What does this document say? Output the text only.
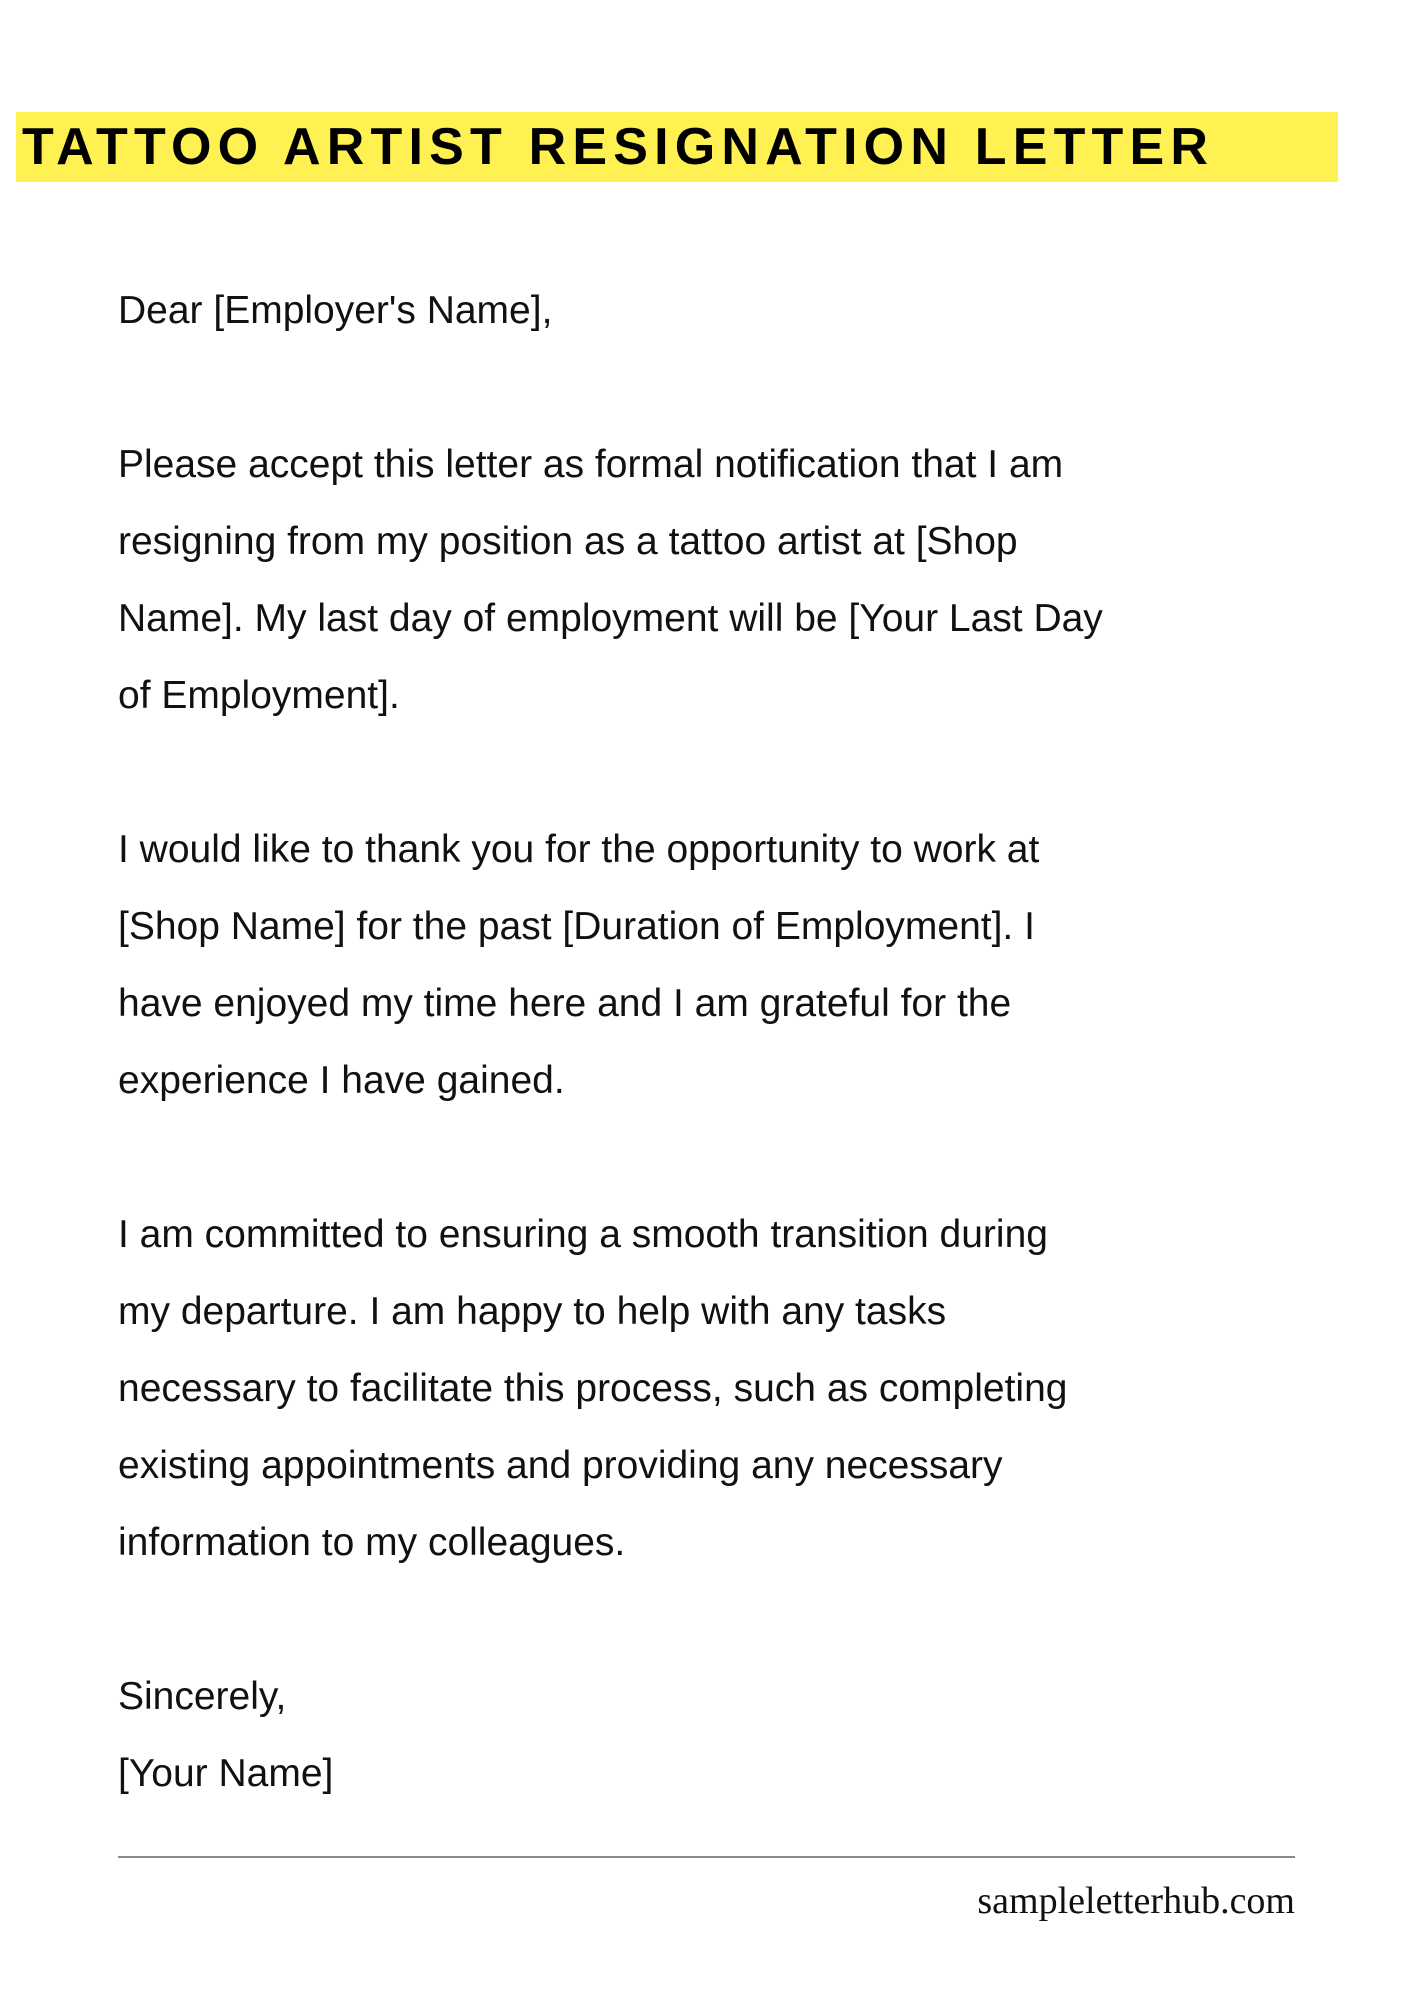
TATTOO ARTIST RESIGNATION LETTER
Dear [Employer's Name],
Please accept this letter as formal notification that I am
resigning from my position as a tattoo artist at [Shop
Name]. My last day of employment will be [Your Last Day
of Employment].
I would like to thank you for the opportunity to work at
[Shop Name] for the past [Duration of Employment]. I
have enjoyed my time here and I am grateful for the
experience I have gained.
I am committed to ensuring a smooth transition during
my departure. I am happy to help with any tasks
necessary to facilitate this process, such as completing
existing appointments and providing any necessary
information to my colleagues.
Sincerely,
[Your Name]
sampleletterhub.com
